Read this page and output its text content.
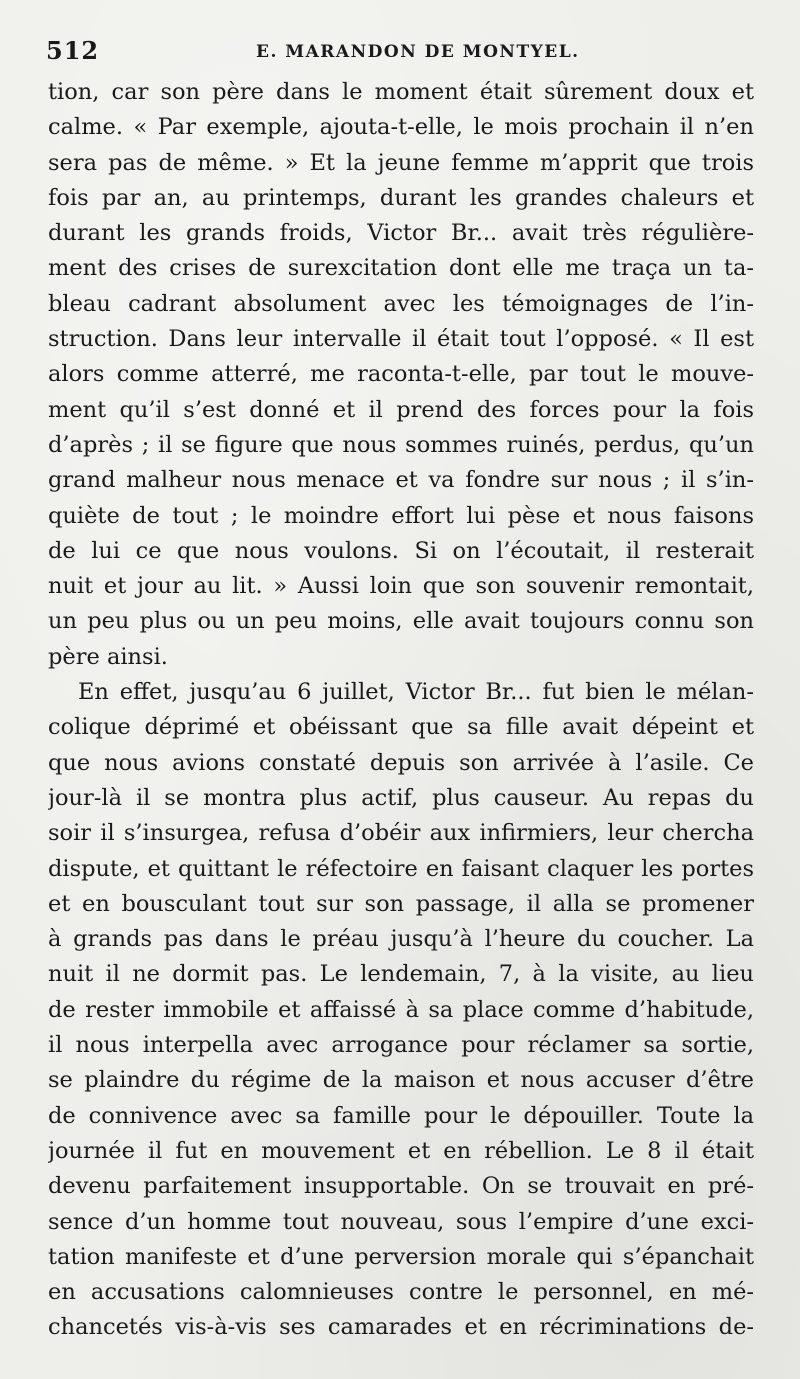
512	E. MARANDON DE MONTYEL.
tion, car son père dans le moment était sûrement doux et
calme. « Par exemple, ajouta-t-elle, le mois prochain il n’en
sera pas de même. » Et la jeune femme m’apprit que trois
fois par an, au printemps, durant les grandes chaleurs et
durant les grands froids, Victor Br... avait très régulière-
ment des crises de surexcitation dont elle me traça un ta-
bleau cadrant absolument avec les témoignages de l’in-
struction. Dans leur intervalle il était tout l’opposé. « Il est
alors comme atterré, me raconta-t-elle, par tout le mouve-
ment qu’il s’est donné et il prend des forces pour la fois
d’après ; il se figure que nous sommes ruinés, perdus, qu’un
grand malheur nous menace et va fondre sur nous ; il s’in-
quiète de tout ; le moindre effort lui pèse et nous faisons
de lui ce que nous voulons. Si on l’écoutait, il resterait
nuit et jour au lit. » Aussi loin que son souvenir remontait,
un peu plus ou un peu moins, elle avait toujours connu son
père ainsi.
En effet, jusqu’au 6 juillet, Victor Br... fut bien le mélan-
colique déprimé et obéissant que sa fille avait dépeint et
que nous avions constaté depuis son arrivée à l’asile. Ce
jour-là il se montra plus actif, plus causeur. Au repas du
soir il s’insurgea, refusa d’obéir aux infirmiers, leur chercha
dispute, et quittant le réfectoire en faisant claquer les portes
et en bousculant tout sur son passage, il alla se promener
à grands pas dans le préau jusqu’à l’heure du coucher. La
nuit il ne dormit pas. Le lendemain, 7, à la visite, au lieu
de rester immobile et affaissé à sa place comme d’habitude,
il nous interpella avec arrogance pour réclamer sa sortie,
se plaindre du régime de la maison et nous accuser d’être
de connivence avec sa famille pour le dépouiller. Toute la
journée il fut en mouvement et en rébellion. Le 8 il était
devenu parfaitement insupportable. On se trouvait en pré-
sence d’un homme tout nouveau, sous l’empire d’une exci-
tation manifeste et d’une perversion morale qui s’épanchait
en accusations calomnieuses contre le personnel, en mé-
chancetés vis-à-vis ses camarades et en récriminations de-
